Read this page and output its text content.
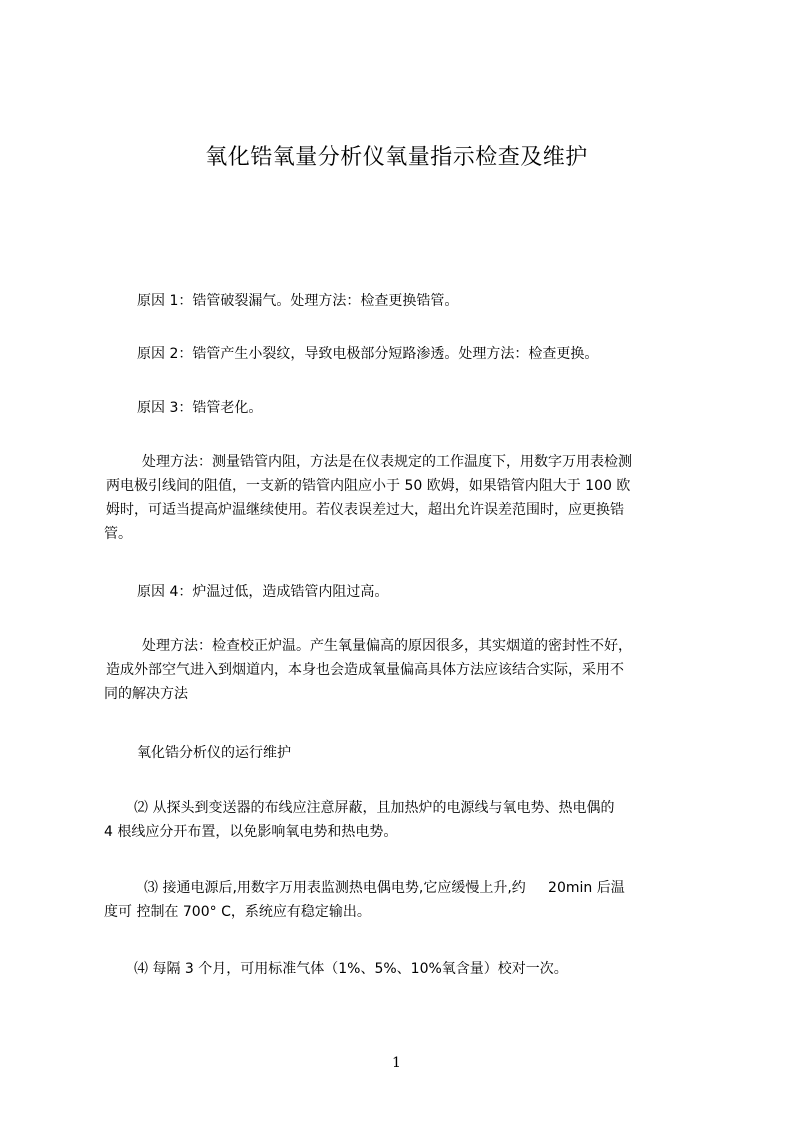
氧化锆氧量分析仪氧量指示检查及维护
原因 1：锆管破裂漏气。处理方法：检查更换锆管。
原因 2：锆管产生小裂纹，导致电极部分短路渗透。处理方法：检查更换。
原因 3：锆管老化。
处理方法：测量锆管内阻，方法是在仪表规定的工作温度下，用数字万用表检测
两电极引线间的阻值，一支新的锆管内阻应小于 50 欧姆，如果锆管内阻大于 100 欧
姆时，可适当提高炉温继续使用。若仪表误差过大，超出允许误差范围时，应更换锆
管。
原因 4：炉温过低，造成锆管内阻过高。
处理方法：检查校正炉温。产生氧量偏高的原因很多，其实烟道的密封性不好，
造成外部空气进入到烟道内，本身也会造成氧量偏高具体方法应该结合实际，采用不
同的解决方法
氧化锆分析仪的运行维护
⑵ 从探头到变送器的布线应注意屏蔽，且加热炉的电源线与氧电势、热电偶的
4 根线应分开布置，以免影响氧电势和热电势。
⑶ 接通电源后,用数字万用表监测热电偶电势,它应缓慢上升,约     20min 后温
度可 控制在 700° C，系统应有稳定输出。
⑷ 每隔 3 个月，可用标准气体（1%、5%、10%氧含量）校对一次。
1
